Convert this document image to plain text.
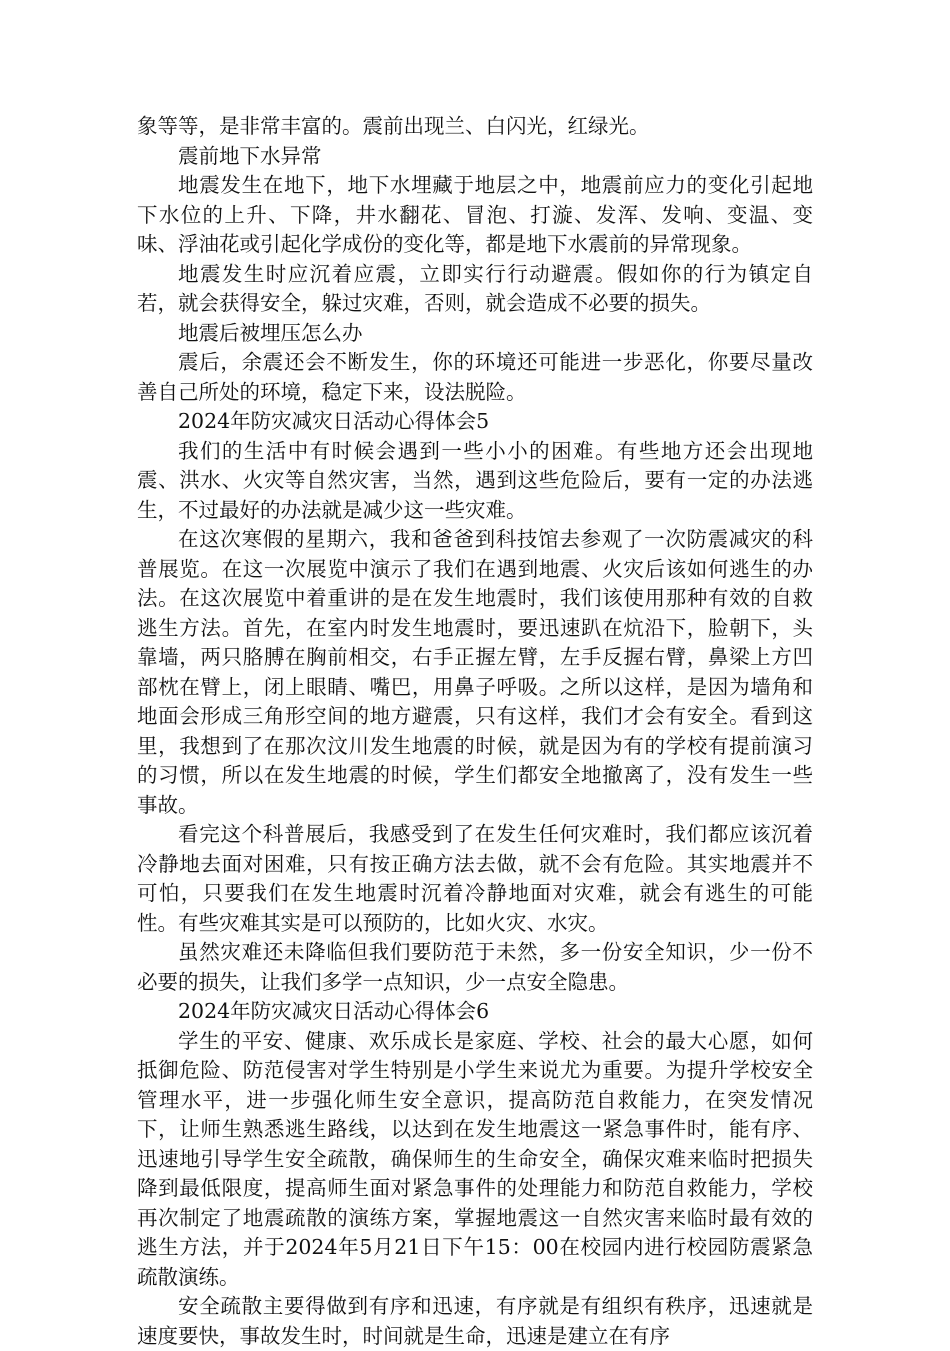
象等等，是非常丰富的。震前出现兰、白闪光，红绿光。

震前地下水异常

地震发生在地下，地下水埋藏于地层之中，地震前应力的变化引起地下水位的上升、下降，井水翻花、冒泡、打漩、发浑、发响、变温、变味、浮油花或引起化学成份的变化等，都是地下水震前的异常现象。

地震发生时应沉着应震，立即实行行动避震。假如你的行为镇定自若，就会获得安全，躲过灾难，否则，就会造成不必要的损失。

地震后被埋压怎么办

震后，余震还会不断发生，你的环境还可能进一步恶化，你要尽量改善自己所处的环境，稳定下来，设法脱险。

2024年防灾减灾日活动心得体会5

我们的生活中有时候会遇到一些小小的困难。有些地方还会出现地震、洪水、火灾等自然灾害，当然，遇到这些危险后，要有一定的办法逃生，不过最好的办法就是减少这一些灾难。

在这次寒假的星期六，我和爸爸到科技馆去参观了一次防震减灾的科普展览。在这一次展览中演示了我们在遇到地震、火灾后该如何逃生的办法。在这次展览中着重讲的是在发生地震时，我们该使用那种有效的自救逃生方法。首先，在室内时发生地震时，要迅速趴在炕沿下，脸朝下，头靠墙，两只胳膊在胸前相交，右手正握左臂，左手反握右臂，鼻梁上方凹部枕在臂上，闭上眼睛、嘴巴，用鼻子呼吸。之所以这样，是因为墙角和地面会形成三角形空间的地方避震，只有这样，我们才会有安全。看到这里，我想到了在那次汶川发生地震的时候，就是因为有的学校有提前演习的习惯，所以在发生地震的时候，学生们都安全地撤离了，没有发生一些事故。

看完这个科普展后，我感受到了在发生任何灾难时，我们都应该沉着冷静地去面对困难，只有按正确方法去做，就不会有危险。其实地震并不可怕，只要我们在发生地震时沉着冷静地面对灾难，就会有逃生的可能性。有些灾难其实是可以预防的，比如火灾、水灾。

虽然灾难还未降临但我们要防范于未然，多一份安全知识，少一份不必要的损失，让我们多学一点知识，少一点安全隐患。

2024年防灾减灾日活动心得体会6

学生的平安、健康、欢乐成长是家庭、学校、社会的最大心愿，如何抵御危险、防范侵害对学生特别是小学生来说尤为重要。为提升学校安全管理水平，进一步强化师生安全意识，提高防范自救能力，在突发情况下，让师生熟悉逃生路线，以达到在发生地震这一紧急事件时，能有序、迅速地引导学生安全疏散，确保师生的生命安全，确保灾难来临时把损失降到最低限度，提高师生面对紧急事件的处理能力和防范自救能力，学校再次制定了地震疏散的演练方案，掌握地震这一自然灾害来临时最有效的逃生方法，并于2024年5月21日下午15：00在校园内进行校园防震紧急疏散演练。

安全疏散主要得做到有序和迅速，有序就是有组织有秩序，迅速就是速度要快，事故发生时，时间就是生命，迅速是建立在有序
